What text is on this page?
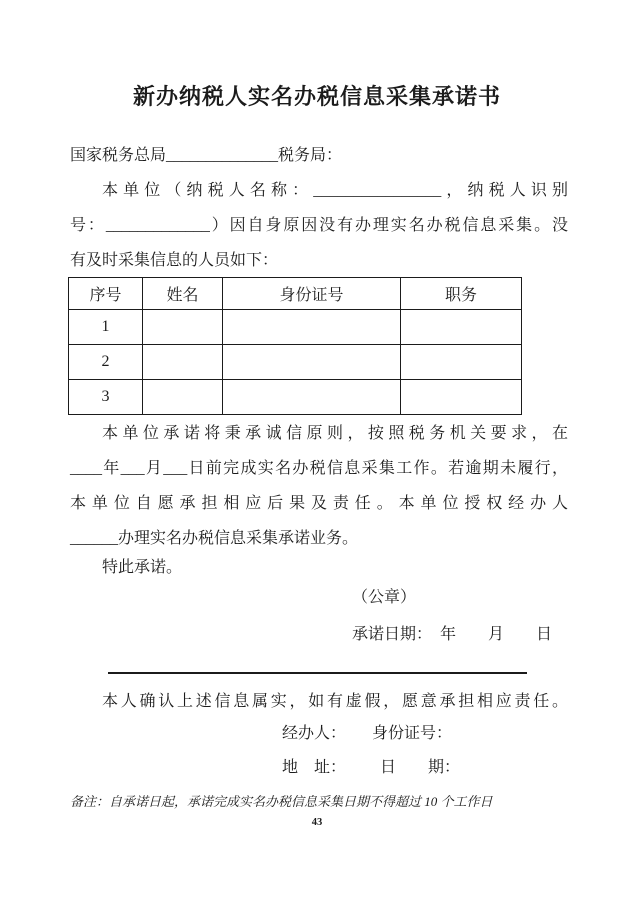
新办纳税人实名办税信息采集承诺书
国家税务总局______________税务局：
本单位（纳税人名称：________________，纳税人识别
号：_____________）因自身原因没有办理实名办税信息采集。没
有及时采集信息的人员如下：
序号	姓名	身份证号	职务
1			
2			
3			
本单位承诺将秉承诚信原则，按照税务机关要求，在
____年___月___日前完成实名办税信息采集工作。若逾期未履行，
本单位自愿承担相应后果及责任。本单位授权经办人
______办理实名办税信息采集承诺业务。
特此承诺。
（公章）
承诺日期：　年　　月　　日
本人确认上述信息属实，如有虚假，愿意承担相应责任。
经办人： 身份证号：
地　址： 日　　期：
备注：自承诺日起，承诺完成实名办税信息采集日期不得超过 10 个工作日
43
